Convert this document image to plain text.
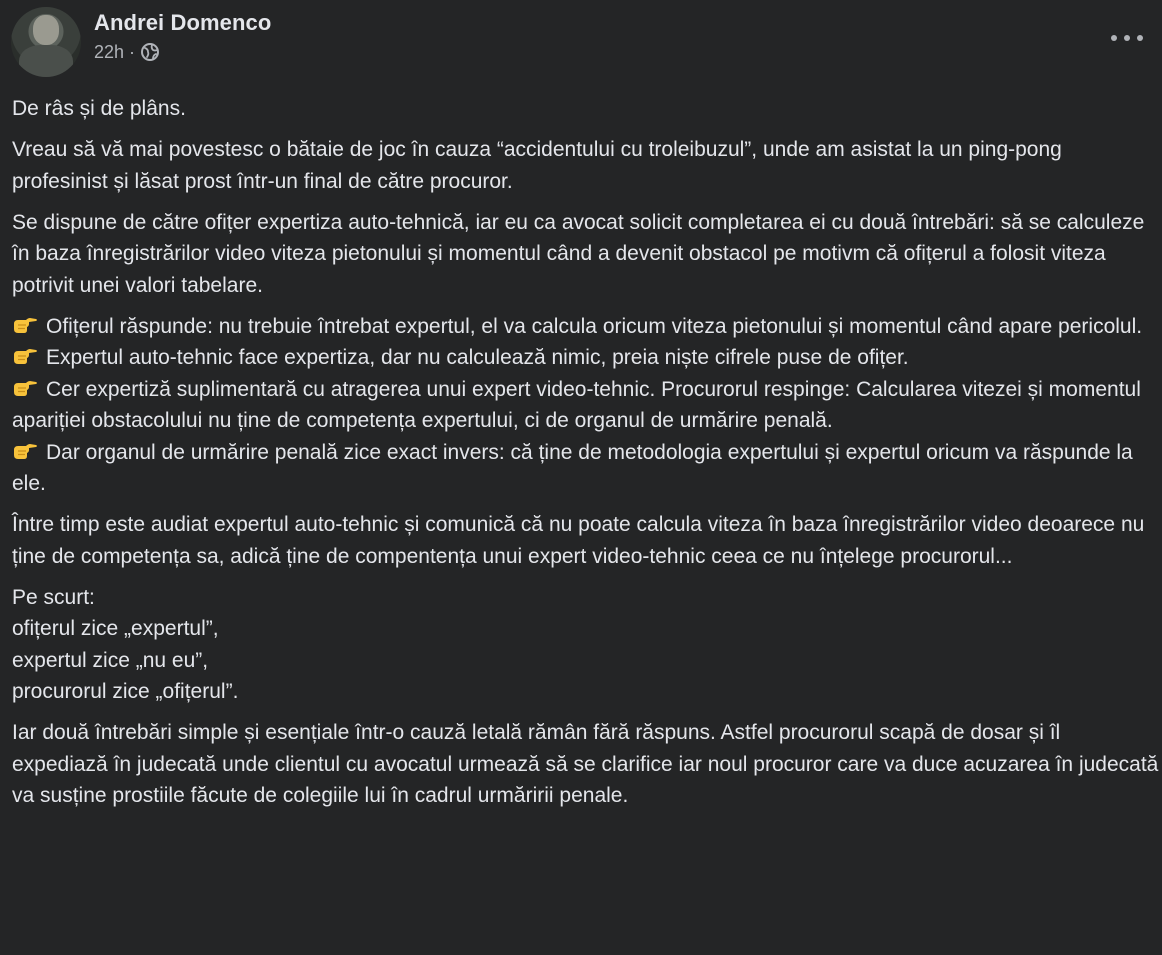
Andrei Domenco
22h ·

De râs și de plâns.

Vreau să vă mai povestesc o bătaie de joc în cauza “accidentului cu troleibuzul”, unde am asistat la un ping-pong profesinist și lăsat prost într-un final de către procuror.

Se dispune de către ofițer expertiza auto-tehnică, iar eu ca avocat solicit completarea ei cu două întrebări: să se calculeze în baza înregistrărilor video viteza pietonului și momentul când a devenit obstacol pe motivm că ofițerul a folosit viteza potrivit unei valori tabelare.

Ofițerul răspunde: nu trebuie întrebat expertul, el va calcula oricum viteza pietonului și momentul când apare pericolul.
Expertul auto-tehnic face expertiza, dar nu calculează nimic, preia niște cifrele puse de ofițer.
Cer expertiză suplimentară cu atragerea unui expert video-tehnic. Procurorul respinge: Calcularea vitezei și momentul apariției obstacolului nu ține de competența expertului, ci de organul de urmărire penală.
Dar organul de urmărire penală zice exact invers: că ține de metodologia expertului și expertul oricum va răspunde la ele.

Între timp este audiat expertul auto-tehnic și comunică că nu poate calcula viteza în baza înregistrărilor video deoarece nu ține de competența sa, adică ține de compentența unui expert video-tehnic ceea ce nu înțelege procurorul...

Pe scurt:
ofițerul zice „expertul”,
expertul zice „nu eu”,
procurorul zice „ofițerul”.

Iar două întrebări simple și esențiale într-o cauză letală rămân fără răspuns. Astfel procurorul scapă de dosar și îl expediază în judecată unde clientul cu avocatul urmează să se clarifice iar noul procuror care va duce acuzarea în judecată va susține prostiile făcute de colegiile lui în cadrul urmăririi penale.
